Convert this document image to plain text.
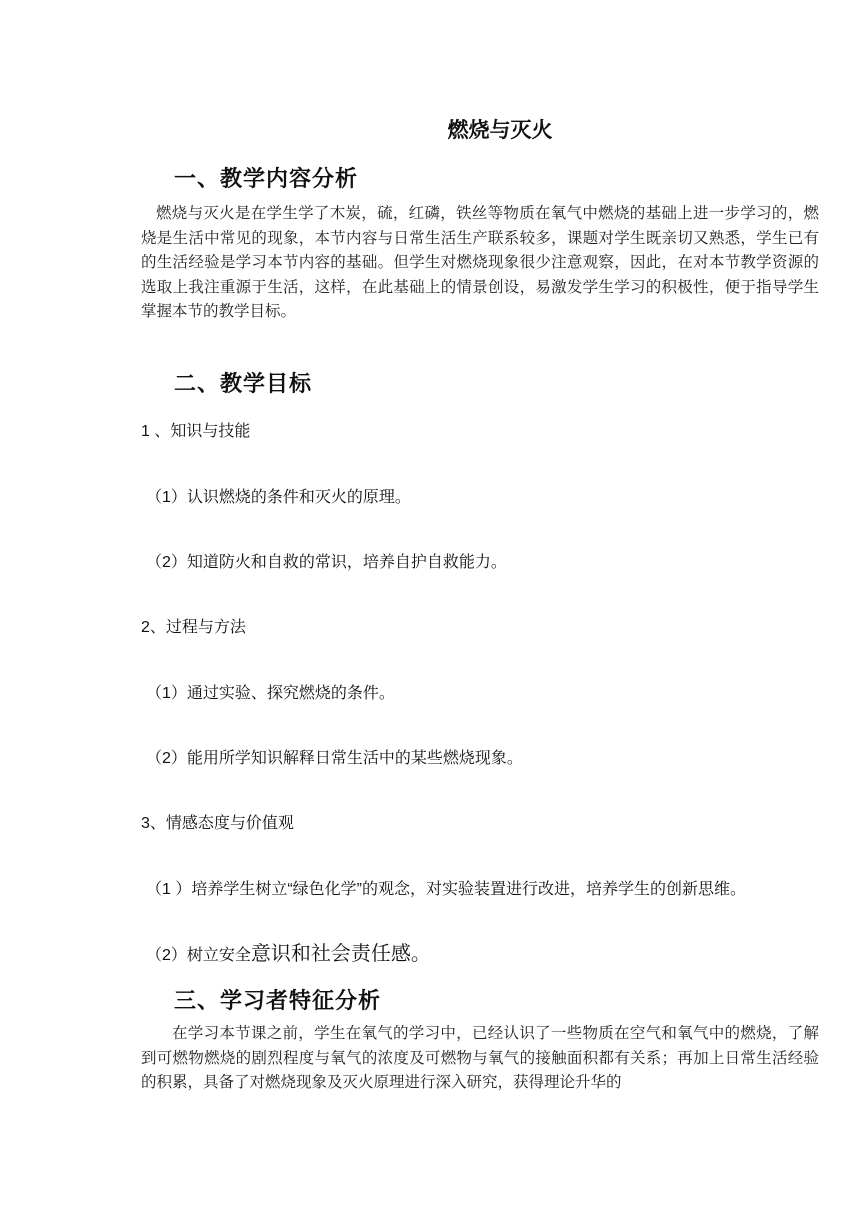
燃烧与灭火
一、教学内容分析
燃烧与灭火是在学生学了木炭，硫，红磷，铁丝等物质在氧气中燃烧的基础上进一步学习的，燃烧是生活中常见的现象，本节内容与日常生活生产联系较多，课题对学生既亲切又熟悉，学生已有的生活经验是学习本节内容的基础。但学生对燃烧现象很少注意观察，因此，在对本节教学资源的选取上我注重源于生活，这样，在此基础上的情景创设，易激发学生学习的积极性，便于指导学生掌握本节的教学目标。
二、教学目标
1 、知识与技能
（1）认识燃烧的条件和灭火的原理。
（2）知道防火和自救的常识，培养自护自救能力。
2、过程与方法
（1）通过实验、探究燃烧的条件。
（2）能用所学知识解释日常生活中的某些燃烧现象。
3、情感态度与价值观
（1 ）培养学生树立“绿色化学”的观念，对实验装置进行改进，培养学生的创新思维。
（2）树立安全意识和社会责任感。
三、学习者特征分析
在学习本节课之前，学生在氧气的学习中，已经认识了一些物质在空气和氧气中的燃烧，了解到可燃物燃烧的剧烈程度与氧气的浓度及可燃物与氧气的接触面积都有关系；再加上日常生活经验的积累，具备了对燃烧现象及灭火原理进行深入研究，获得理论升华的
